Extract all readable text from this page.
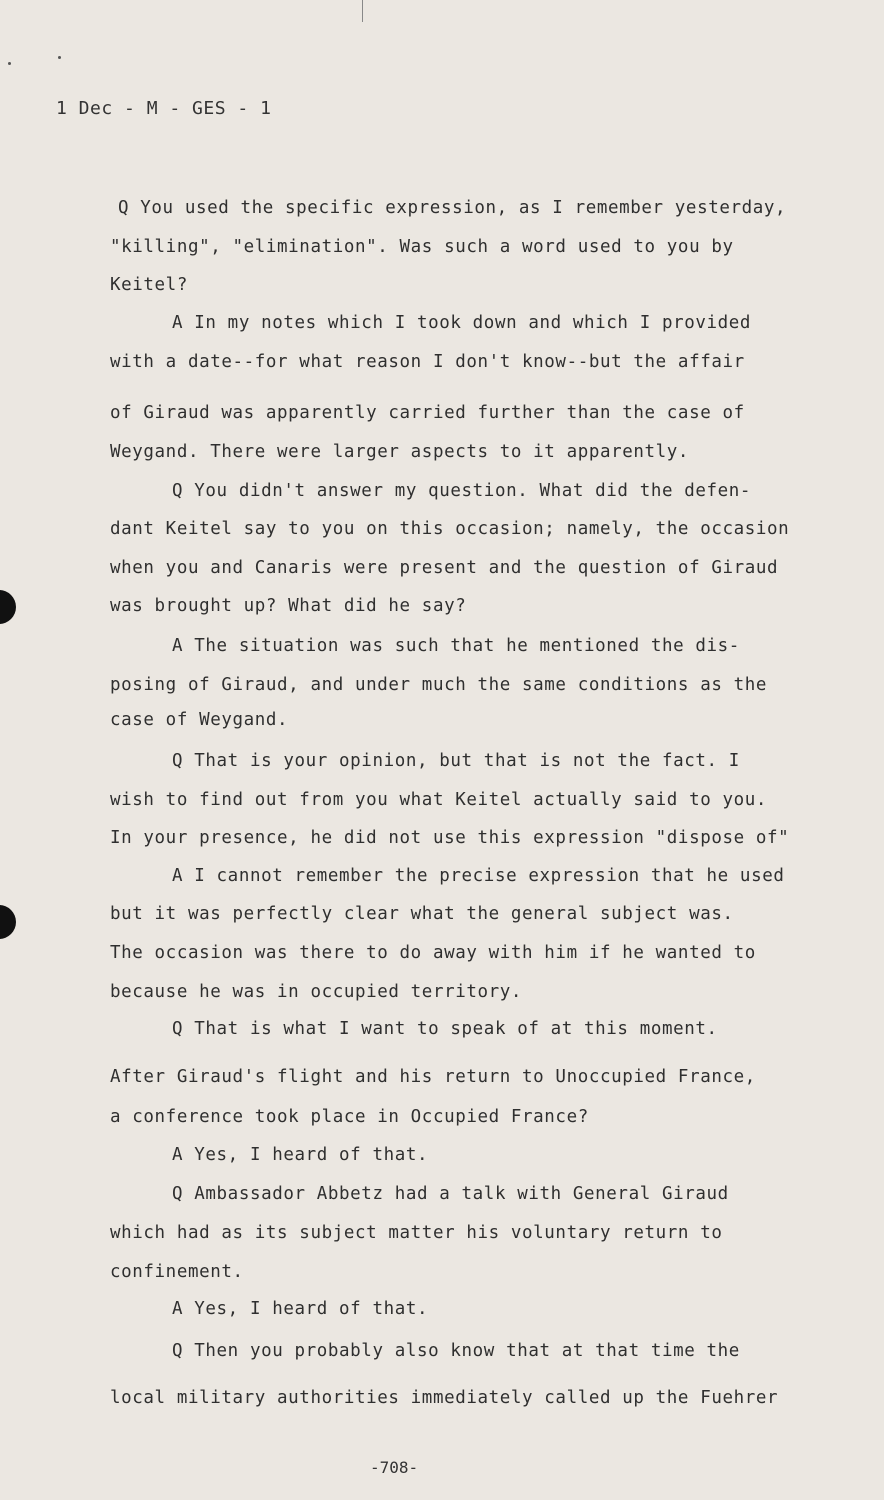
1 Dec - M - GES - 1
Q You used the specific expression, as I remember yesterday,
"killing", "elimination". Was such a word used to you by
Keitel?
A In my notes which I took down and which I provided
with a date--for what reason I don't know--but the affair
of Giraud was apparently carried further than the case of
Weygand. There were larger aspects to it apparently.
Q You didn't answer my question. What did the defen-
dant Keitel say to you on this occasion; namely, the occasion
when you and Canaris were present and the question of Giraud
was brought up? What did he say?
A The situation was such that he mentioned the dis-
posing of Giraud, and under much the same conditions as the
case of Weygand.
Q That is your opinion, but that is not the fact. I
wish to find out from you what Keitel actually said to you.
In your presence, he did not use this expression "dispose of"
A I cannot remember the precise expression that he used
but it was perfectly clear what the general subject was.
The occasion was there to do away with him if he wanted to
because he was in occupied territory.
Q That is what I want to speak of at this moment.
After Giraud's flight and his return to Unoccupied France,
a conference took place in Occupied France?
A Yes, I heard of that.
Q Ambassador Abbetz had a talk with General Giraud
which had as its subject matter his voluntary return to
confinement.
A Yes, I heard of that.
Q Then you probably also know that at that time the
local military authorities immediately called up the Fuehrer
-708-
